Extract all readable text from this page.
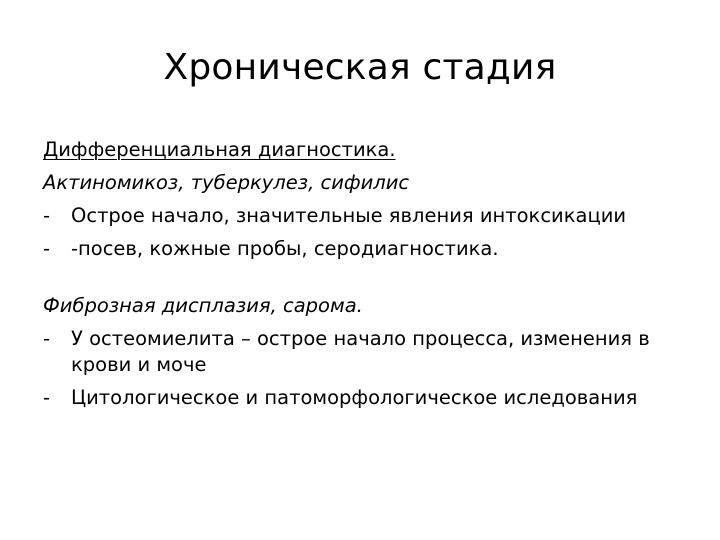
Хроническая стадия
Дифференциальная диагностика.
Актиномикоз, туберкулез, сифилис
-	Острое начало, значительные явления интоксикации
-	-посев, кожные пробы, серодиагностика.
Фиброзная дисплазия, сарома.
-	У остеомиелита – острое начало процесса, изменения в крови и моче
-	Цитологическое и патоморфологическое иследования
